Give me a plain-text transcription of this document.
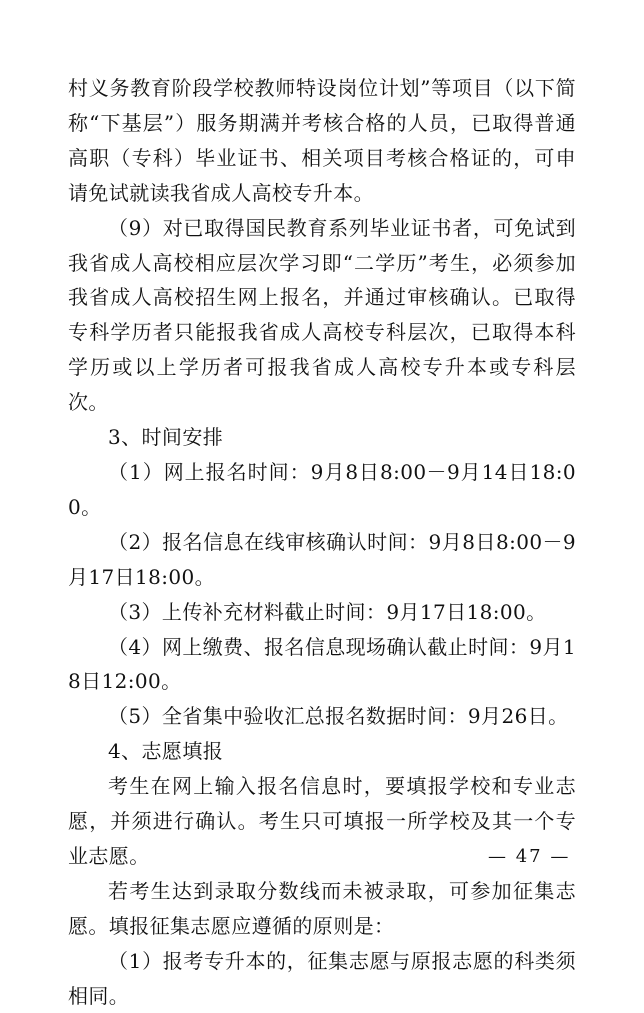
村义务教育阶段学校教师特设岗位计划”等项目（以下简称“下基层”）服务期满并考核合格的人员，已取得普通高职（专科）毕业证书、相关项目考核合格证的，可申请免试就读我省成人高校专升本。

（9）对已取得国民教育系列毕业证书者，可免试到我省成人高校相应层次学习即“二学历”考生，必须参加我省成人高校招生网上报名，并通过审核确认。已取得专科学历者只能报我省成人高校专科层次，已取得本科学历或以上学历者可报我省成人高校专升本或专科层次。

3、时间安排

（1）网上报名时间：9月8日8:00－9月14日18:00。

（2）报名信息在线审核确认时间：9月8日8:00－9月17日18:00。

（3）上传补充材料截止时间：9月17日18:00。

（4）网上缴费、报名信息现场确认截止时间：9月18日12:00。

（5）全省集中验收汇总报名数据时间：9月26日。

4、志愿填报

考生在网上输入报名信息时，要填报学校和专业志愿，并须进行确认。考生只可填报一所学校及其一个专业志愿。

若考生达到录取分数线而未被录取，可参加征集志愿。填报征集志愿应遵循的原则是：

（1）报考专升本的，征集志愿与原报志愿的科类须相同。

— 47 —
